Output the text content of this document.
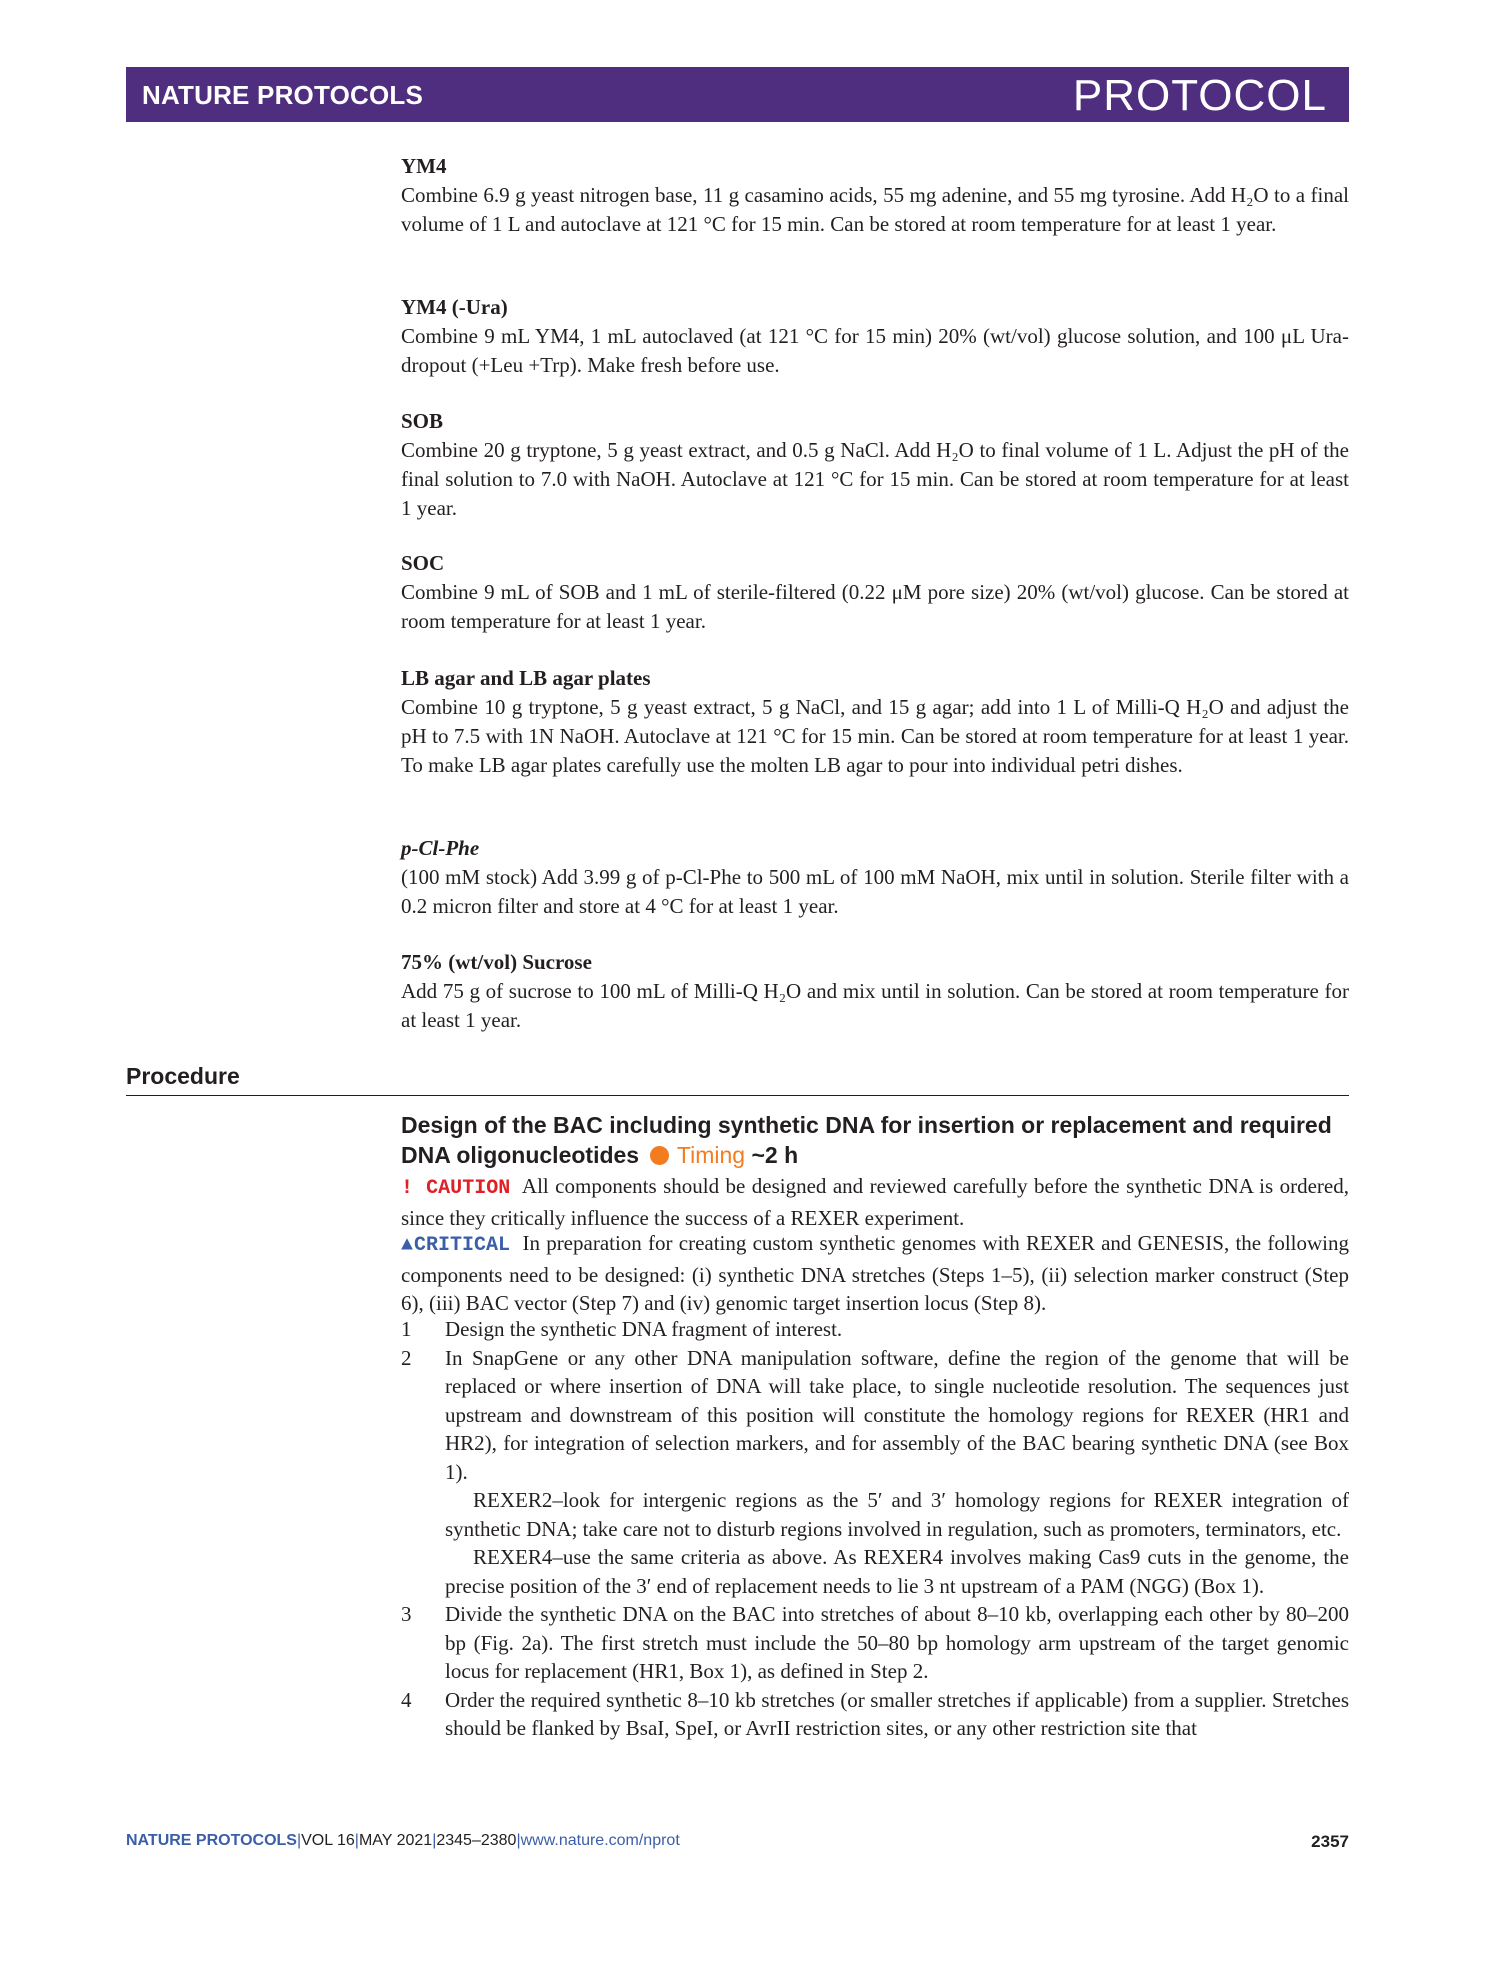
NATURE PROTOCOLS	PROTOCOL

YM4

Combine 6.9 g yeast nitrogen base, 11 g casamino acids, 55 mg adenine, and 55 mg tyrosine. Add H₂O to a final volume of 1 L and autoclave at 121 °C for 15 min. Can be stored at room temperature for at least 1 year.

YM4 (-Ura)

Combine 9 mL YM4, 1 mL autoclaved (at 121 °C for 15 min) 20% (wt/vol) glucose solution, and 100 μL Ura-dropout (+Leu +Trp). Make fresh before use.

SOB

Combine 20 g tryptone, 5 g yeast extract, and 0.5 g NaCl. Add H₂O to final volume of 1 L. Adjust the pH of the final solution to 7.0 with NaOH. Autoclave at 121 °C for 15 min. Can be stored at room temperature for at least 1 year.

SOC

Combine 9 mL of SOB and 1 mL of sterile-filtered (0.22 μM pore size) 20% (wt/vol) glucose. Can be stored at room temperature for at least 1 year.

LB agar and LB agar plates

Combine 10 g tryptone, 5 g yeast extract, 5 g NaCl, and 15 g agar; add into 1 L of Milli-Q H₂O and adjust the pH to 7.5 with 1N NaOH. Autoclave at 121 °C for 15 min. Can be stored at room temperature for at least 1 year. To make LB agar plates carefully use the molten LB agar to pour into individual petri dishes.

p-Cl-Phe

(100 mM stock) Add 3.99 g of p-Cl-Phe to 500 mL of 100 mM NaOH, mix until in solution. Sterile filter with a 0.2 micron filter and store at 4 °C for at least 1 year.

75% (wt/vol) Sucrose

Add 75 g of sucrose to 100 mL of Milli-Q H₂O and mix until in solution. Can be stored at room temperature for at least 1 year.

Procedure
Design of the BAC including synthetic DNA for insertion or replacement and required DNA oligonucleotides Timing ~2 h

! CAUTION All components should be designed and reviewed carefully before the synthetic DNA is ordered, since they critically influence the success of a REXER experiment.

▲CRITICAL In preparation for creating custom synthetic genomes with REXER and GENESIS, the following components need to be designed: (i) synthetic DNA stretches (Steps 1–5), (ii) selection marker construct (Step 6), (iii) BAC vector (Step 7) and (iv) genomic target insertion locus (Step 8).

1 Design the synthetic DNA fragment of interest.
2 In SnapGene or any other DNA manipulation software, define the region of the genome that will be replaced or where insertion of DNA will take place, to single nucleotide resolution. The sequences just upstream and downstream of this position will constitute the homology regions for REXER (HR1 and HR2), for integration of selection markers, and for assembly of the BAC bearing synthetic DNA (see Box 1).
REXER2–look for intergenic regions as the 5′ and 3′ homology regions for REXER integration of synthetic DNA; take care not to disturb regions involved in regulation, such as promoters, terminators, etc.
REXER4–use the same criteria as above. As REXER4 involves making Cas9 cuts in the genome, the precise position of the 3′ end of replacement needs to lie 3 nt upstream of a PAM (NGG) (Box 1).
3 Divide the synthetic DNA on the BAC into stretches of about 8–10 kb, overlapping each other by 80–200 bp (Fig. 2a). The first stretch must include the 50–80 bp homology arm upstream of the target genomic locus for replacement (HR1, Box 1), as defined in Step 2.
4 Order the required synthetic 8–10 kb stretches (or smaller stretches if applicable) from a supplier. Stretches should be flanked by BsaI, SpeI, or AvrII restriction sites, or any other restriction site that
NATURE PROTOCOLS|VOL 16|MAY 2021|2345–2380|www.nature.com/nprot	2357
